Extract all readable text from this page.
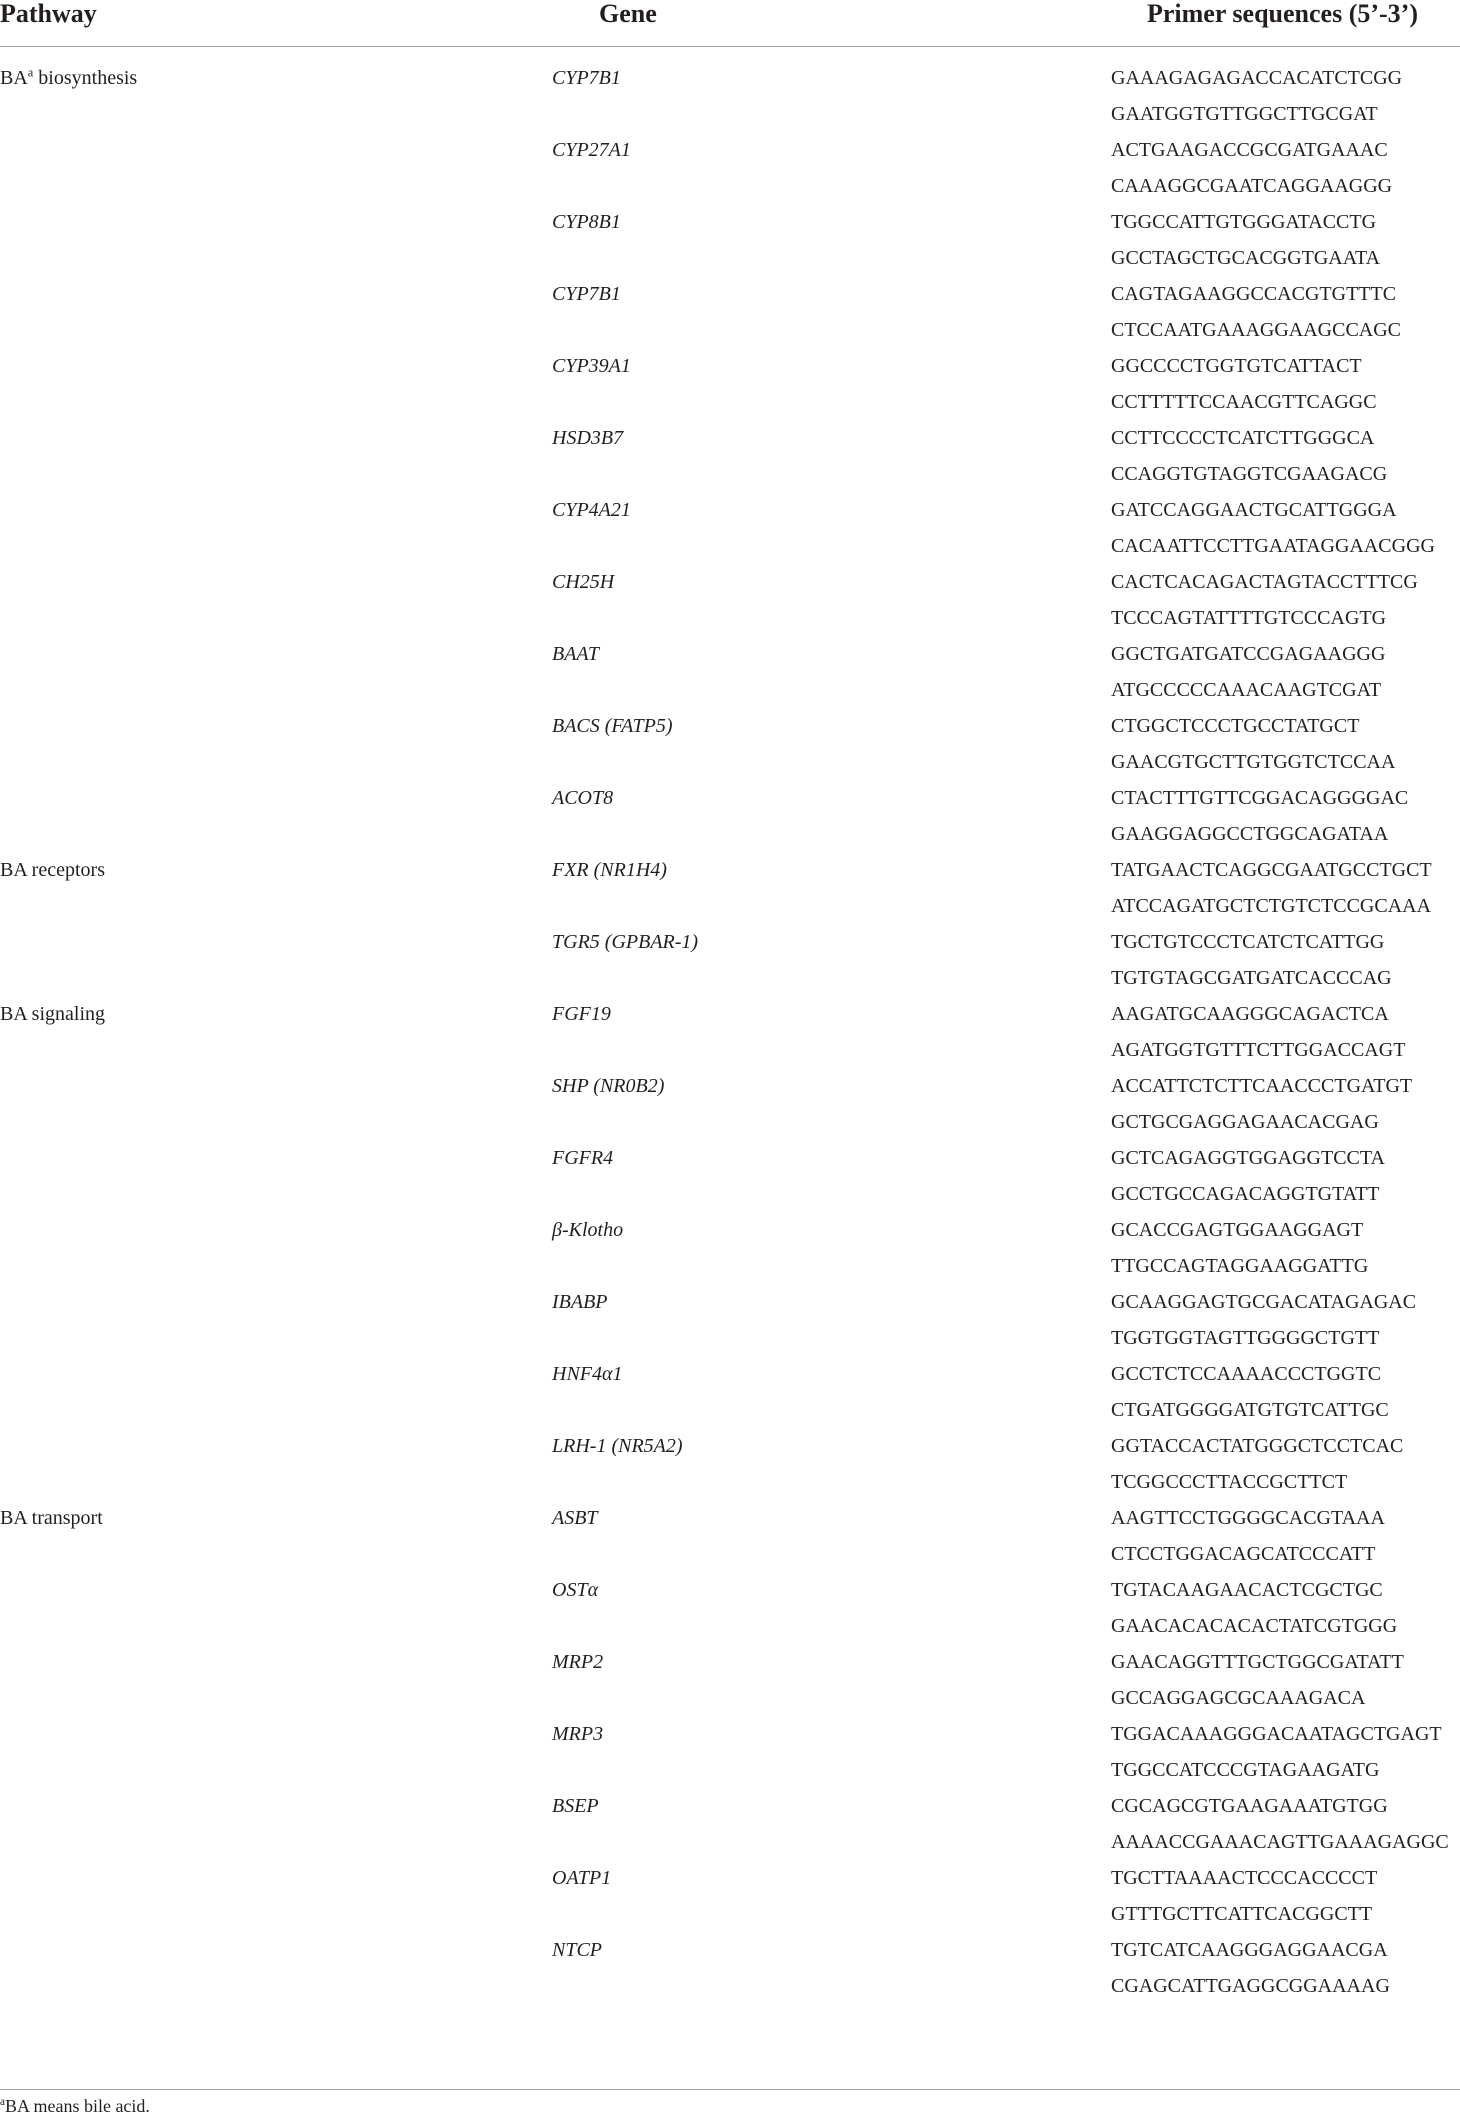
Pathway	Gene	Primer sequences (5’-3’)
$BA^a$ biosynthesis	CYP7B1	GAAAGAGAGACCACATCTCGG
GAATGGTGTTGGCTTGCGAT
CYP27A1	ACTGAAGACCGCGATGAAAC
CAAAGGCGAATCAGGAAGGG
CYP8B1	TGGCCATTGTGGGATACCTG
GCCTAGCTGCACGGTGAATA
CYP7B1	CAGTAGAAGGCCACGTGTTTC
CTCCAATGAAAGGAAGCCAGC
CYP39A1	GGCCCCTGGTGTCATTACT
CCTTTTTCCAACGTTCAGGC
HSD3B7	CCTTCCCCTCATCTTGGGCA
CCAGGTGTAGGTCGAAGACG
CYP4A21	GATCCAGGAACTGCATTGGGA
CACAATTCCTTGAATAGGAACGGG
CH25H	CACTCACAGACTAGTACCTTTCG
TCCCAGTATTTTGTCCCAGTG
BAAT	GGCTGATGATCCGAGAAGGG
ATGCCCCCAAACAAGTCGAT
BACS (FATP5)	CTGGCTCCCTGCCTATGCT
GAACGTGCTTGTGGTCTCCAA
ACOT8	CTACTTTGTTCGGACAGGGGAC
GAAGGAGGCCTGGCAGATAA
BA receptors	FXR (NR1H4)	TATGAACTCAGGCGAATGCCTGCT
ATCCAGATGCTCTGTCTCCGCAAA
TGR5 (GPBAR-1)	TGCTGTCCCTCATCTCATTGG
TGTGTAGCGATGATCACCCAG
BA signaling	FGF19	AAGATGCAAGGGCAGACTCA
AGATGGTGTTTCTTGGACCAGT
SHP (NR0B2)	ACCATTCTCTTCAACCCTGATGT
GCTGCGAGGAGAACACGAG
FGFR4	GCTCAGAGGTGGAGGTCCTA
GCCTGCCAGACAGGTGTATT
β-Klotho	GCACCGAGTGGAAGGAGT
TTGCCAGTAGGAAGGATTG
IBABP	GCAAGGAGTGCGACATAGAGAC
TGGTGGTAGTTGGGGCTGTT
HNF4α1	GCCTCTCCAAAACCCTGGTC
CTGATGGGGATGTGTCATTGC
LRH-1 (NR5A2)	GGTACCACTATGGGCTCCTCAC
TCGGCCCTTACCGCTTCT
BA transport	ASBT	AAGTTCCTGGGGCACGTAAA
CTCCTGGACAGCATCCCATT
OSTα	TGTACAAGAACACTCGCTGC
GAACACACACACTATCGTGGG
MRP2	GAACAGGTTTGCTGGCGATATT
GCCAGGAGCGCAAAGACA
MRP3	TGGACAAAGGGACAATAGCTGAGT
TGGCCATCCCGTAGAAGATG
BSEP	CGCAGCGTGAAGAAATGTGG
AAAACCGAAACAGTTGAAAGAGGC
OATP1	TGCTTAAAACTCCCACCCCT
GTTTGCTTCATTCACGGCTT
NTCP	TGTCATCAAGGGAGGAACGA
CGAGCATTGAGGCGGAAAAG
$^a$BA means bile acid.
